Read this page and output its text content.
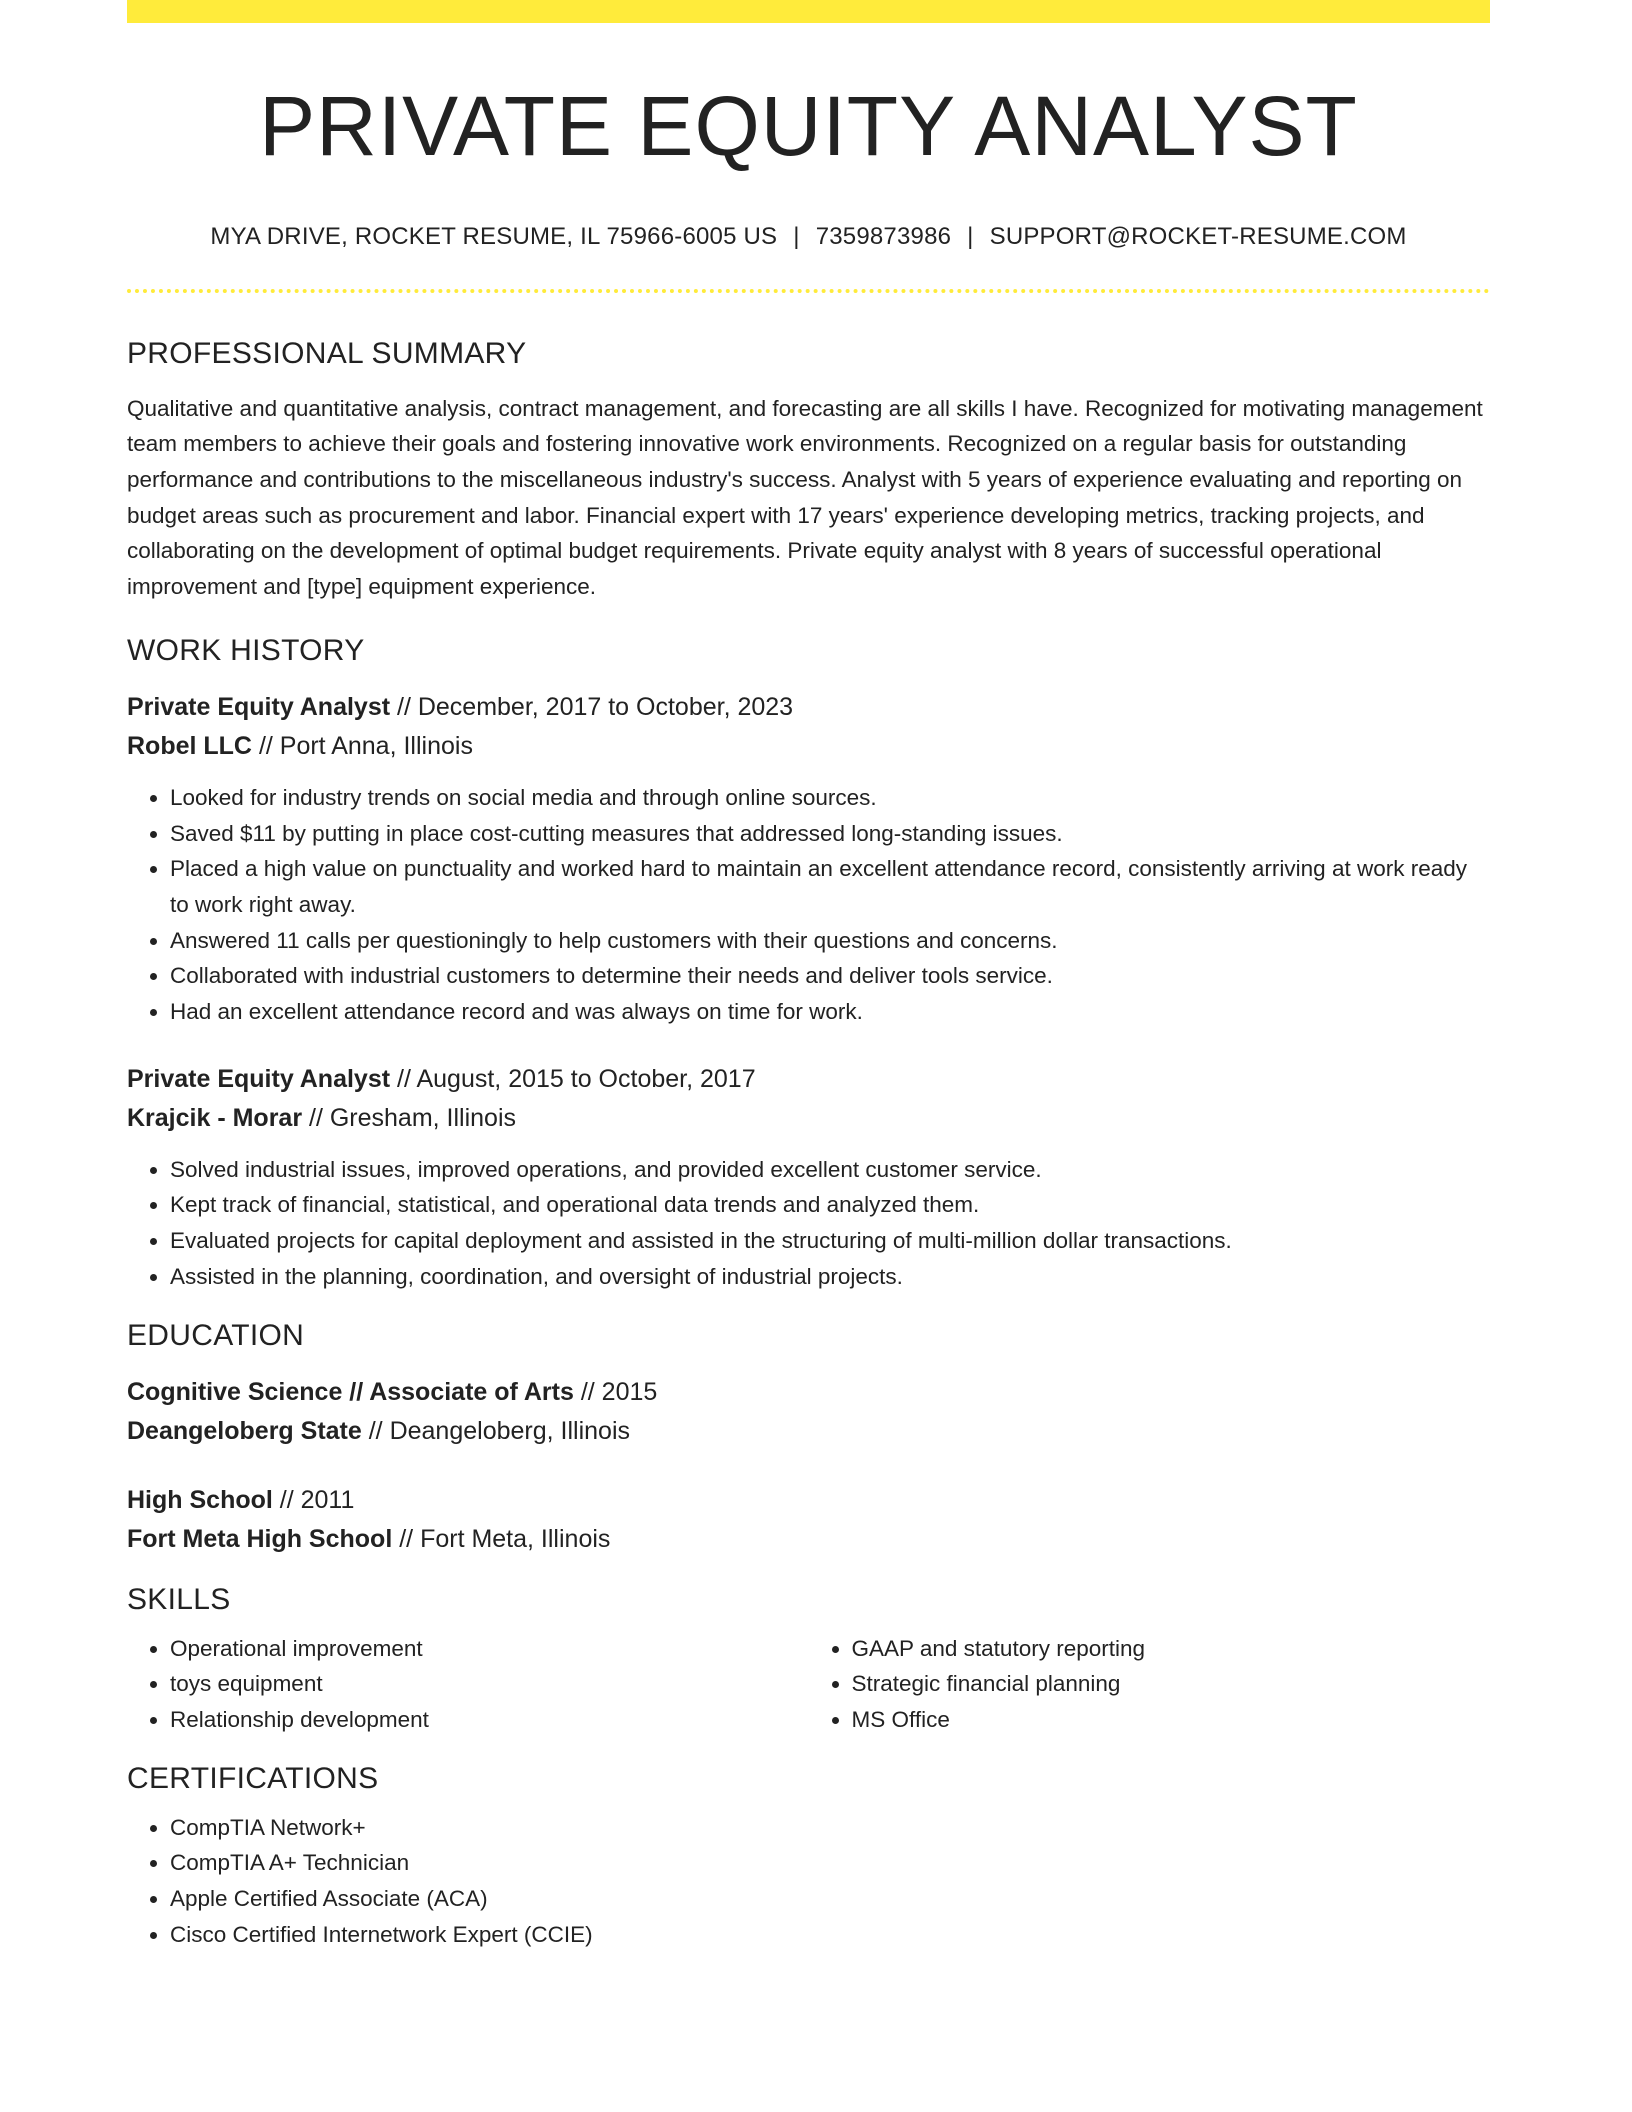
PRIVATE EQUITY ANALYST
MYA DRIVE, ROCKET RESUME, IL 75966-6005 US | 7359873986 | SUPPORT@ROCKET-RESUME.COM
PROFESSIONAL SUMMARY

Qualitative and quantitative analysis, contract management, and forecasting are all skills I have. Recognized for motivating management team members to achieve their goals and fostering innovative work environments. Recognized on a regular basis for outstanding performance and contributions to the miscellaneous industry's success. Analyst with 5 years of experience evaluating and reporting on budget areas such as procurement and labor. Financial expert with 17 years' experience developing metrics, tracking projects, and collaborating on the development of optimal budget requirements. Private equity analyst with 8 years of successful operational improvement and [type] equipment experience.

WORK HISTORY
Private Equity Analyst // December, 2017 to October, 2023
Robel LLC // Port Anna, Illinois
• Looked for industry trends on social media and through online sources.
• Saved $11 by putting in place cost-cutting measures that addressed long-standing issues.
• Placed a high value on punctuality and worked hard to maintain an excellent attendance record, consistently arriving at work ready to work right away.
• Answered 11 calls per questioningly to help customers with their questions and concerns.
• Collaborated with industrial customers to determine their needs and deliver tools service.
• Had an excellent attendance record and was always on time for work.
Private Equity Analyst // August, 2015 to October, 2017
Krajcik - Morar // Gresham, Illinois
• Solved industrial issues, improved operations, and provided excellent customer service.
• Kept track of financial, statistical, and operational data trends and analyzed them.
• Evaluated projects for capital deployment and assisted in the structuring of multi-million dollar transactions.
• Assisted in the planning, coordination, and oversight of industrial projects.
EDUCATION
Cognitive Science // Associate of Arts // 2015
Deangeloberg State // Deangeloberg, Illinois
High School // 2011
Fort Meta High School // Fort Meta, Illinois
SKILLS
• Operational improvement
• toys equipment
• Relationship development
• GAAP and statutory reporting
• Strategic financial planning
• MS Office
CERTIFICATIONS
• CompTIA Network+
• CompTIA A+ Technician
• Apple Certified Associate (ACA)
• Cisco Certified Internetwork Expert (CCIE)
